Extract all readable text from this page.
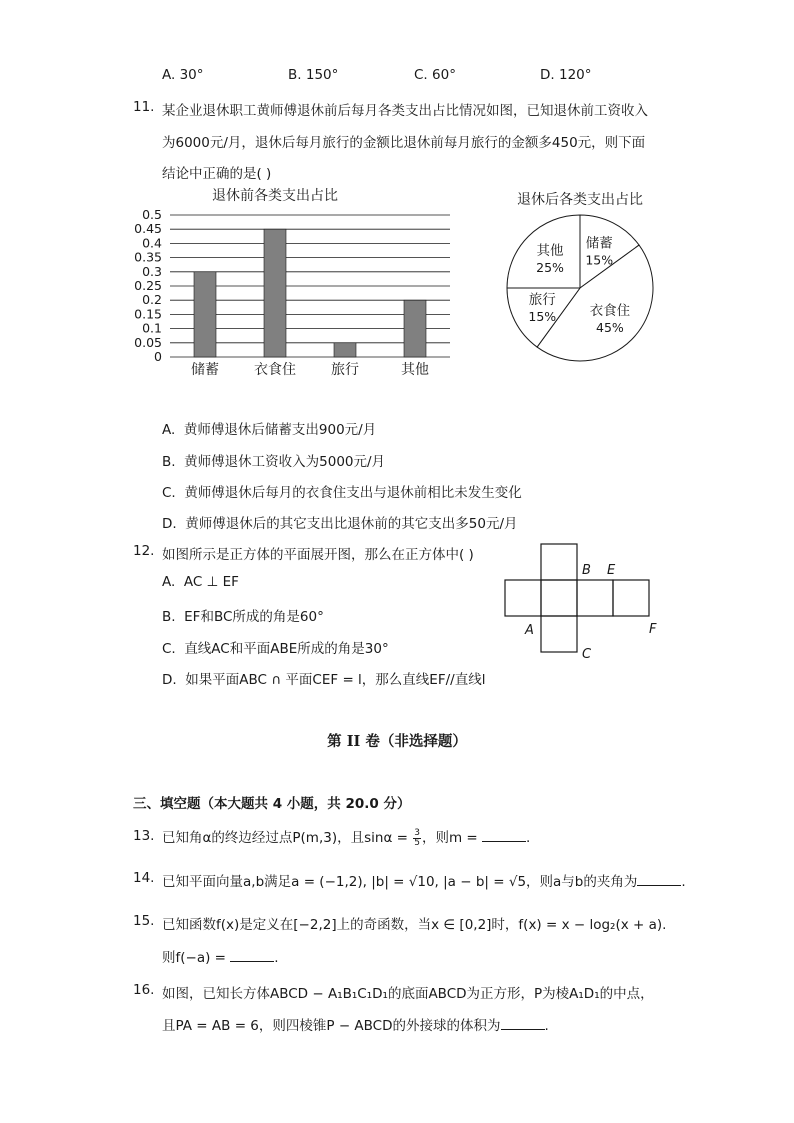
A. 30°	B. 150°	C. 60°	D. 120°
11. 某企业退休职工黄师傅退休前后每月各类支出占比情况如图，已知退休前工资收入
为6000元/月，退休后每月旅行的金额比退休前每月旅行的金额多450元，则下面
结论中正确的是( )
退休前各类支出占比
0
0.05
0.1
0.15
0.2
0.25
0.3
0.35
0.4
0.45
0.5
储蓄	衣食住	旅行	其他
退休后各类支出占比
储蓄
15%
衣食住
45%
旅行
15%
其他
25%
A. 黄师傅退休后储蓄支出900元/月
B. 黄师傅退休工资收入为5000元/月
C. 黄师傅退休后每月的衣食住支出与退休前相比未发生变化
D. 黄师傅退休后的其它支出比退休前的其它支出多50元/月
12. 如图所示是正方体的平面展开图，那么在正方体中( )
A. AC ⊥ EF
B. EF和BC所成的角是60°
C. 直线AC和平面ABE所成的角是30°
D. 如果平面ABC ∩ 平面CEF = l，那么直线EF//直线l
B E
A	F
C
第 II 卷（非选择题）
三、填空题（本大题共 4 小题，共 20.0 分）
13. 已知角α的终边经过点P(m,3)，且$\sin\alpha = \frac{3}{5}$ ，则m =	.
14. 已知平面向量a,b满足a = (−1,2), |b| = √10, |a − b| = √5，则a与b的夹角为	.
15. 已知函数f(x)是定义在[−2,2]上的奇函数，当x ∈ [0,2]时，f(x) = x − log₂(x + a).
则f(−a) =	.
16. 如图，已知长方体ABCD − A₁B₁C₁D₁的底面ABCD为正方形，P为棱A₁D₁的中点，
且PA = AB = 6，则四棱锥P − ABCD的外接球的体积为	.
